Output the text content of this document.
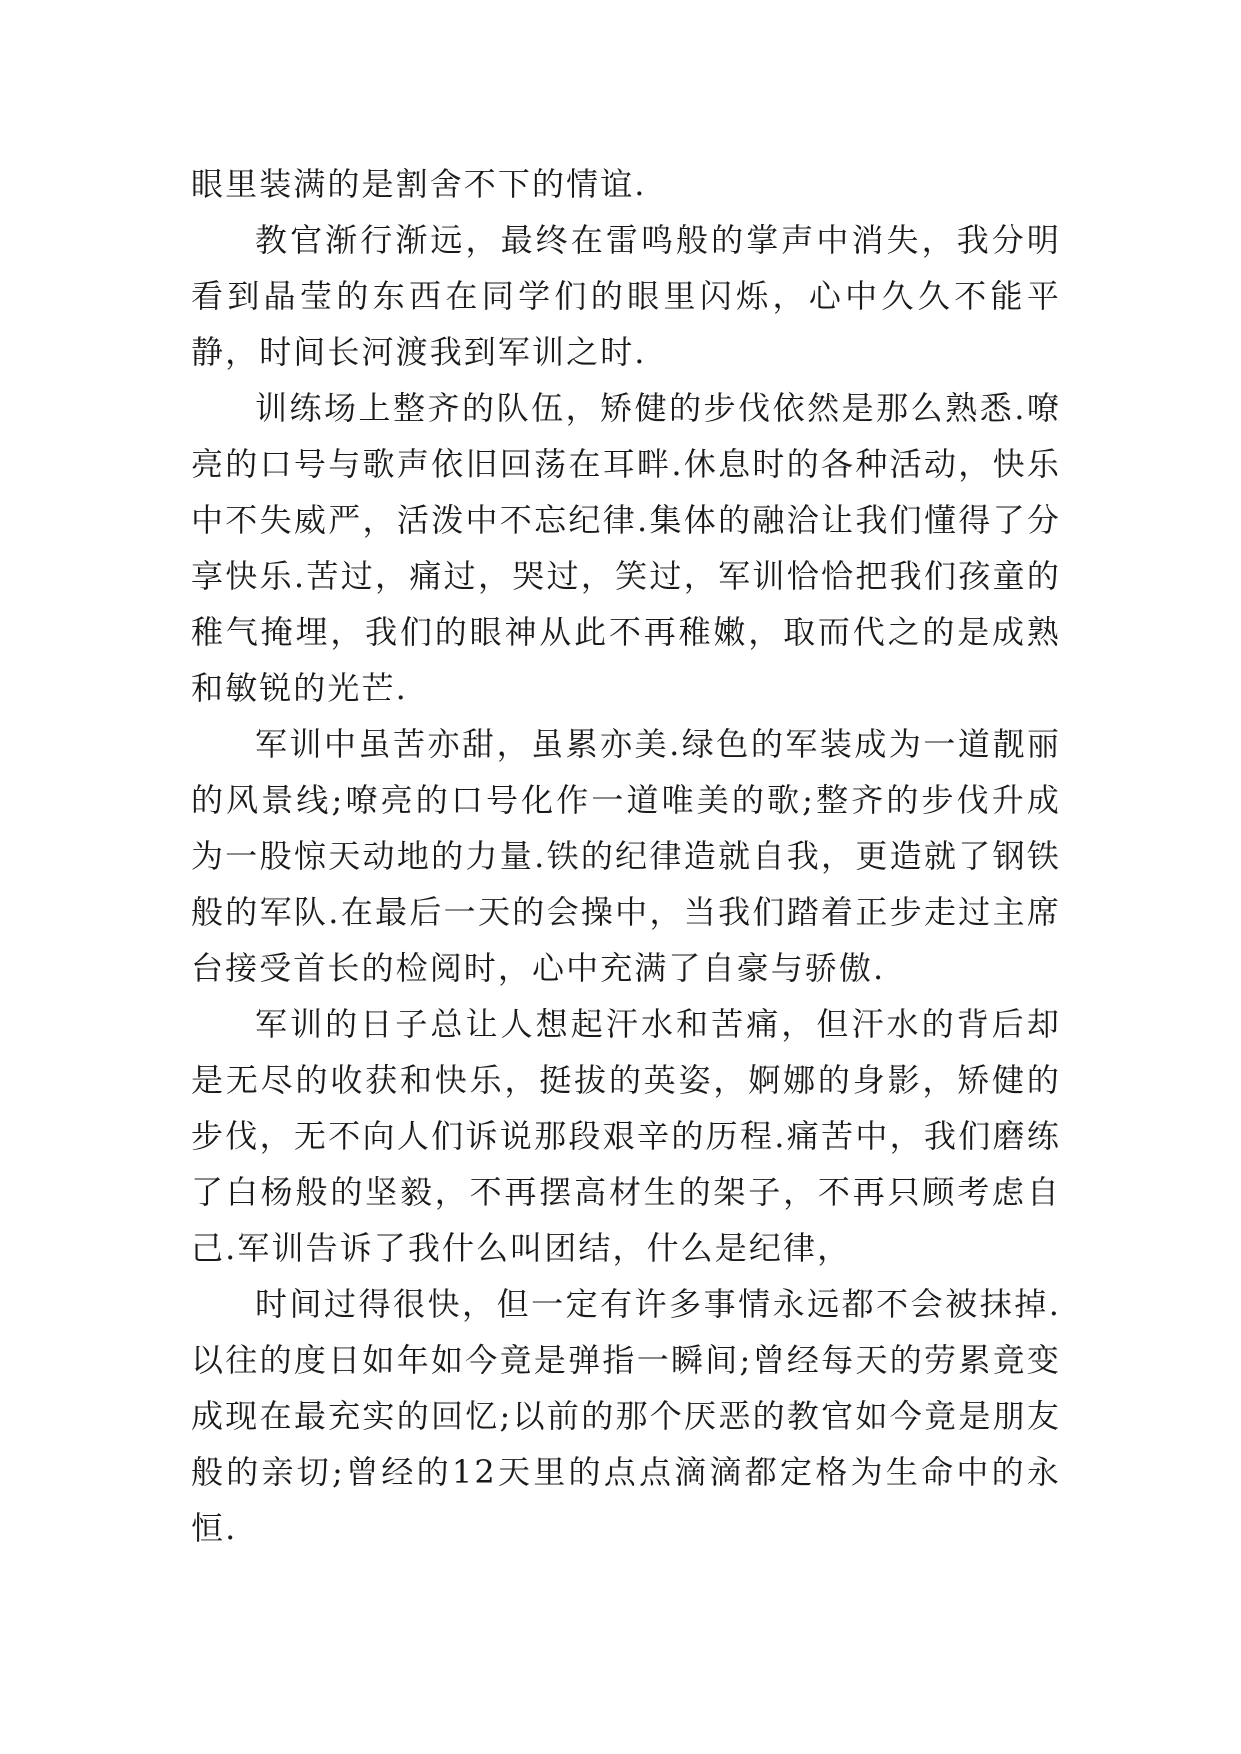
眼里装满的是割舍不下的情谊.

教官渐行渐远，最终在雷鸣般的掌声中消失，我分明看到晶莹的东西在同学们的眼里闪烁，心中久久不能平静，时间长河渡我到军训之时.

训练场上整齐的队伍，矫健的步伐依然是那么熟悉.嘹亮的口号与歌声依旧回荡在耳畔.休息时的各种活动，快乐中不失威严，活泼中不忘纪律.集体的融洽让我们懂得了分享快乐.苦过，痛过，哭过，笑过，军训恰恰把我们孩童的稚气掩埋，我们的眼神从此不再稚嫩，取而代之的是成熟和敏锐的光芒.

军训中虽苦亦甜，虽累亦美.绿色的军装成为一道靓丽的风景线;嘹亮的口号化作一道唯美的歌;整齐的步伐升成为一股惊天动地的力量.铁的纪律造就自我，更造就了钢铁般的军队.在最后一天的会操中，当我们踏着正步走过主席台接受首长的检阅时，心中充满了自豪与骄傲.

军训的日子总让人想起汗水和苦痛，但汗水的背后却是无尽的收获和快乐，挺拔的英姿，婀娜的身影，矫健的步伐，无不向人们诉说那段艰辛的历程.痛苦中，我们磨练了白杨般的坚毅，不再摆高材生的架子，不再只顾考虑自己.军训告诉了我什么叫团结，什么是纪律，

时间过得很快，但一定有许多事情永远都不会被抹掉.以往的度日如年如今竟是弹指一瞬间;曾经每天的劳累竟变成现在最充实的回忆;以前的那个厌恶的教官如今竟是朋友般的亲切;曾经的12天里的点点滴滴都定格为生命中的永恒.
